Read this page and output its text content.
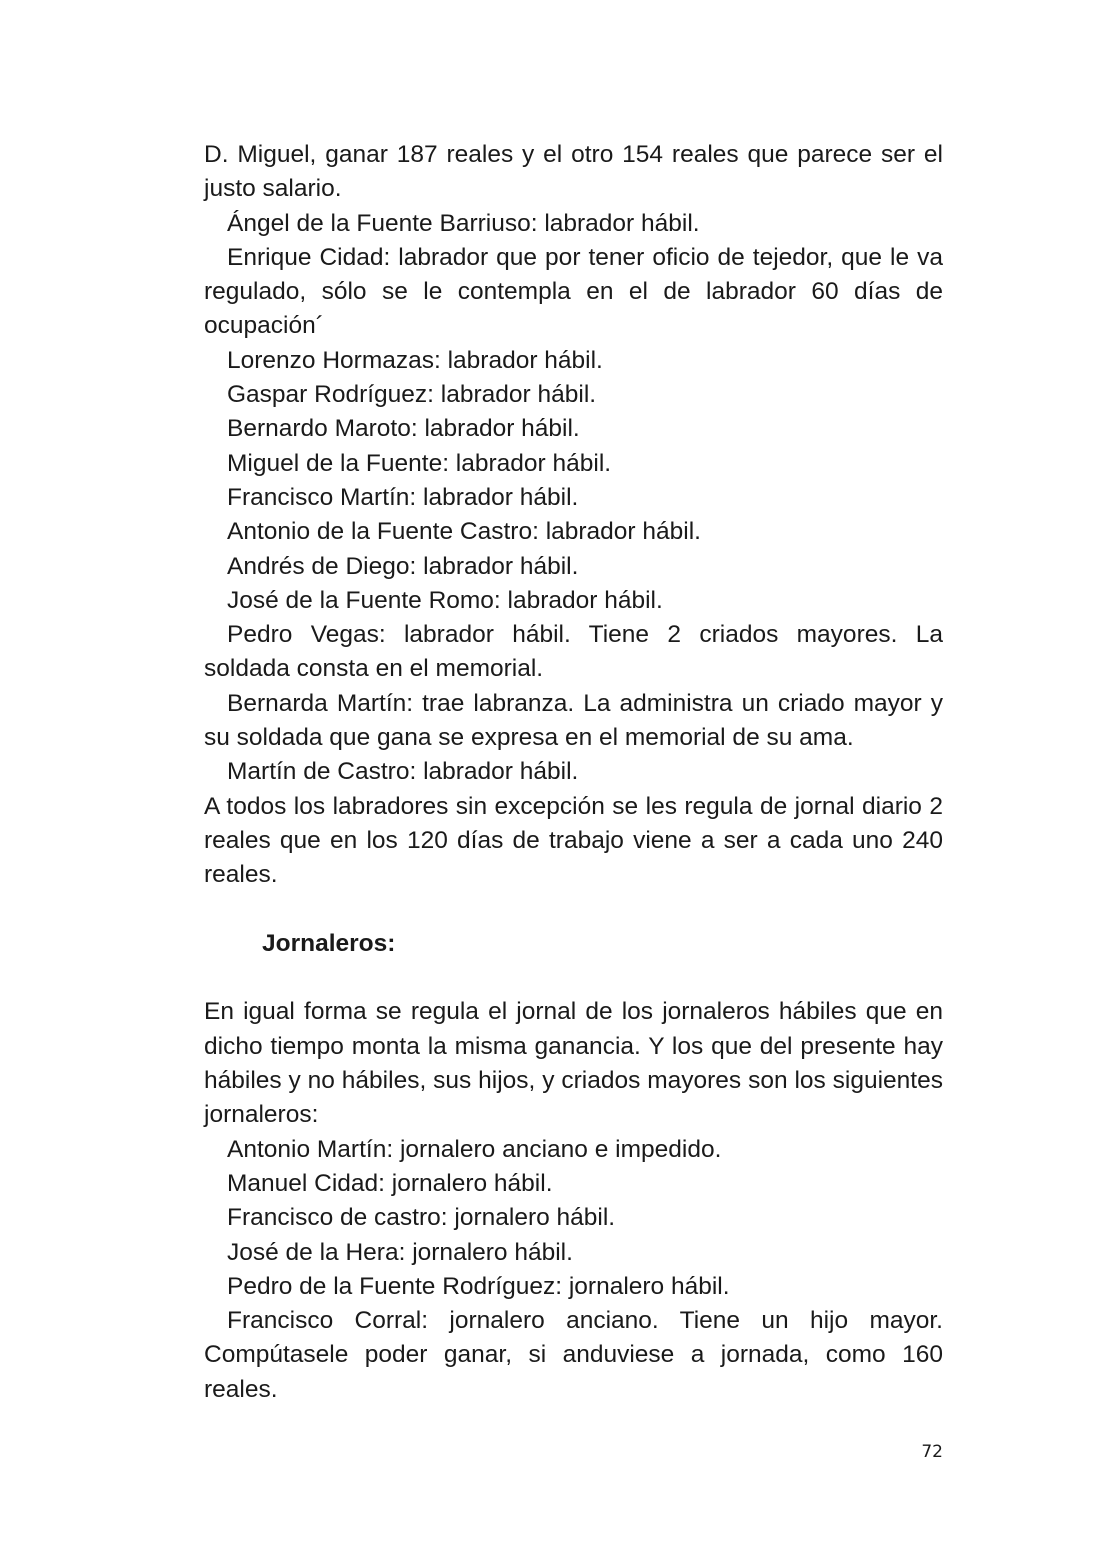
D. Miguel, ganar 187 reales y el otro 154 reales que parece ser el justo salario.

Ángel de la Fuente Barriuso: labrador hábil.

Enrique Cidad: labrador que por tener oficio de tejedor, que le va regulado, sólo se le contempla en el de labrador 60 días de ocupación´

Lorenzo Hormazas: labrador hábil.

Gaspar Rodríguez: labrador hábil.

Bernardo Maroto: labrador hábil.

Miguel de la Fuente: labrador hábil.

Francisco Martín: labrador hábil.

Antonio de la Fuente Castro: labrador hábil.

Andrés de Diego: labrador hábil.

José de la Fuente Romo: labrador hábil.

Pedro Vegas: labrador hábil. Tiene 2 criados mayores. La soldada consta en el memorial.

Bernarda Martín: trae labranza. La administra un criado mayor y su soldada que gana se expresa en el memorial de su ama.

Martín de Castro: labrador hábil.

A todos los labradores sin excepción se les regula de jornal diario 2 reales que en los 120 días de trabajo viene a ser a cada uno 240 reales.

Jornaleros:

En igual forma se regula el jornal de los jornaleros hábiles que en dicho tiempo monta la misma ganancia. Y los que del presente hay hábiles y no hábiles, sus hijos, y criados mayores son los siguientes jornaleros:

Antonio Martín: jornalero anciano e impedido.

Manuel Cidad: jornalero hábil.

Francisco de castro: jornalero hábil.

José de la Hera: jornalero hábil.

Pedro de la Fuente Rodríguez: jornalero hábil.

Francisco Corral: jornalero anciano. Tiene un hijo mayor. Compútasele poder ganar, si anduviese a jornada, como 160 reales.

72
